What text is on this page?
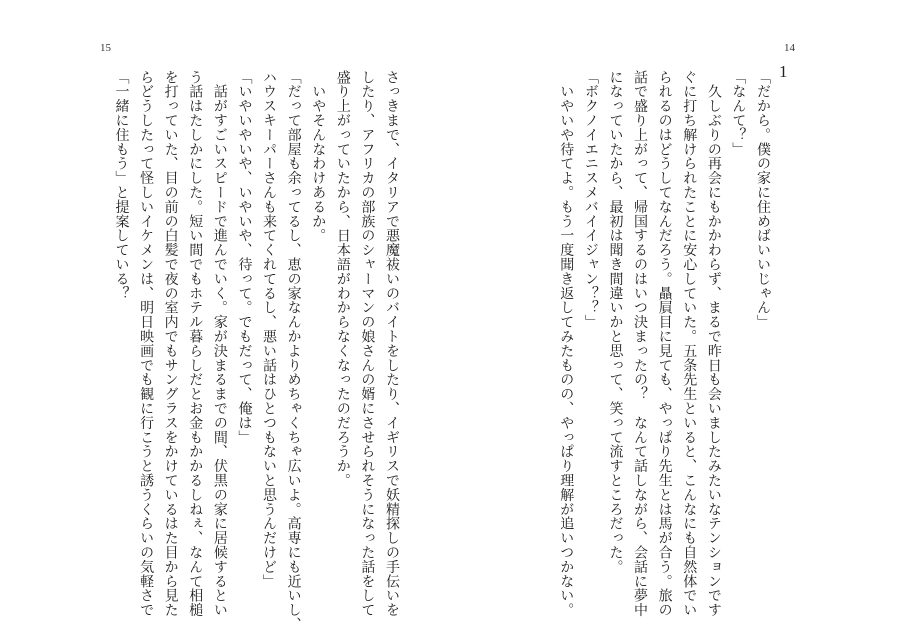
15
さっきまで、イタリアで悪魔祓いのバイトをしたり、イギリスで妖精探しの手伝いを
したり、アフリカの部族のシャーマンの娘さんの婿にさせられそうになった話をして
盛り上がっていたから、日本語がわからなくなったのだろうか。
　いやそんなわけあるか。
「だって部屋も余ってるし、恵の家なんかよりめちゃくちゃ広いよ。高専にも近いし、
ハウスキーパーさんも来てくれてるし、悪い話はひとつもないと思うんだけど」
「いやいやいや、いやいや、待って。でもだって、俺は」
　話がすごいスピードで進んでいく。家が決まるまでの間、伏黒の家に居候するとい
う話はたしかにした。短い間でもホテル暮らしだとお金もかかるしねぇ、なんて相槌
を打っていた、目の前の白髪で夜の室内でもサングラスをかけているはた目から見た
らどうしたって怪しいイケメンは、明日映画でも観に行こうと誘うくらいの気軽さで
「一緒に住もう」と提案している？
14
1
「だから。僕の家に住めばいいじゃん」
「なんて？」
　久しぶりの再会にもかかわらず、まるで昨日も会いましたみたいなテンションです
ぐに打ち解けられたことに安心していた。五条先生といると、こんなにも自然体でい
られるのはどうしてなんだろう。贔屓目に見ても、やっぱり先生とは馬が合う。旅の
話で盛り上がって、帰国するのはいつ決まったの？　なんて話しながら、会話に夢中
になっていたから、最初は聞き間違いかと思って、笑って流すところだった。
「ボクノイエニスメバイイジャン？？」
　いやいや待てよ。もう一度聞き返してみたものの、やっぱり理解が追いつかない。
